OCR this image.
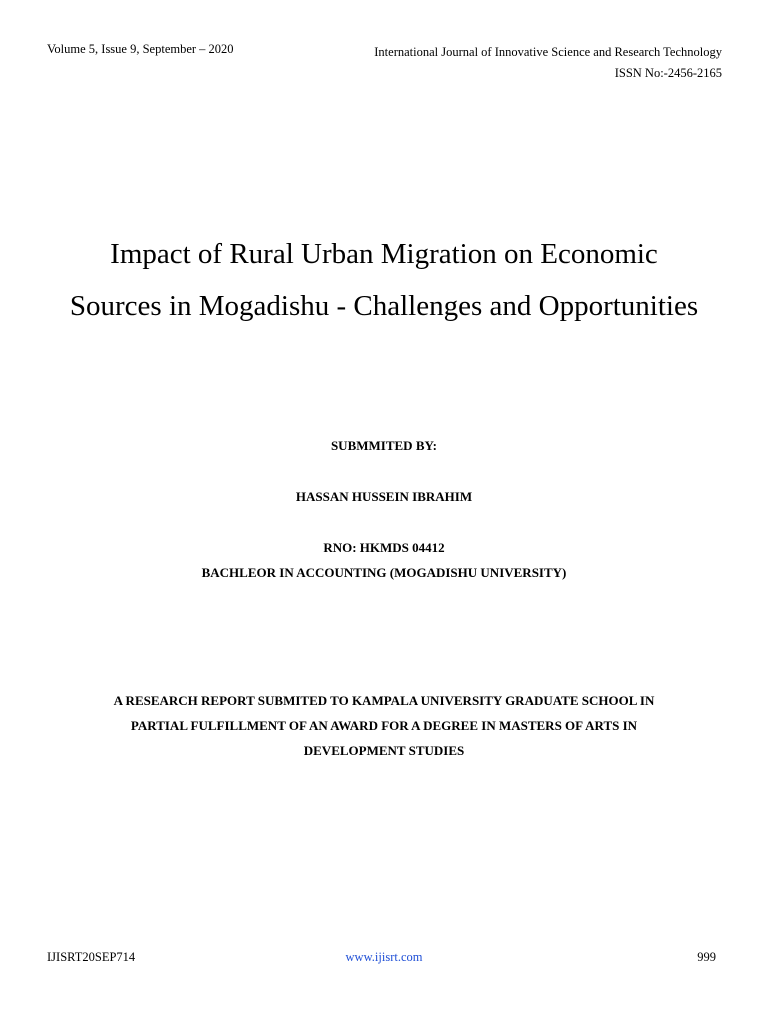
Volume 5, Issue 9, September – 2020	International Journal of Innovative Science and Research Technology
ISSN No:-2456-2165
Impact of Rural Urban Migration on Economic
Sources in Mogadishu - Challenges and Opportunities
SUBMMITED BY:
HASSAN HUSSEIN IBRAHIM
RNO: HKMDS 04412
BACHLEOR IN ACCOUNTING (MOGADISHU UNIVERSITY)
A RESEARCH REPORT SUBMITED TO KAMPALA UNIVERSITY GRADUATE SCHOOL IN
PARTIAL FULFILLMENT OF AN AWARD FOR A DEGREE IN MASTERS OF ARTS IN
DEVELOPMENT STUDIES
IJISRT20SEP714	www.ijisrt.com	999
